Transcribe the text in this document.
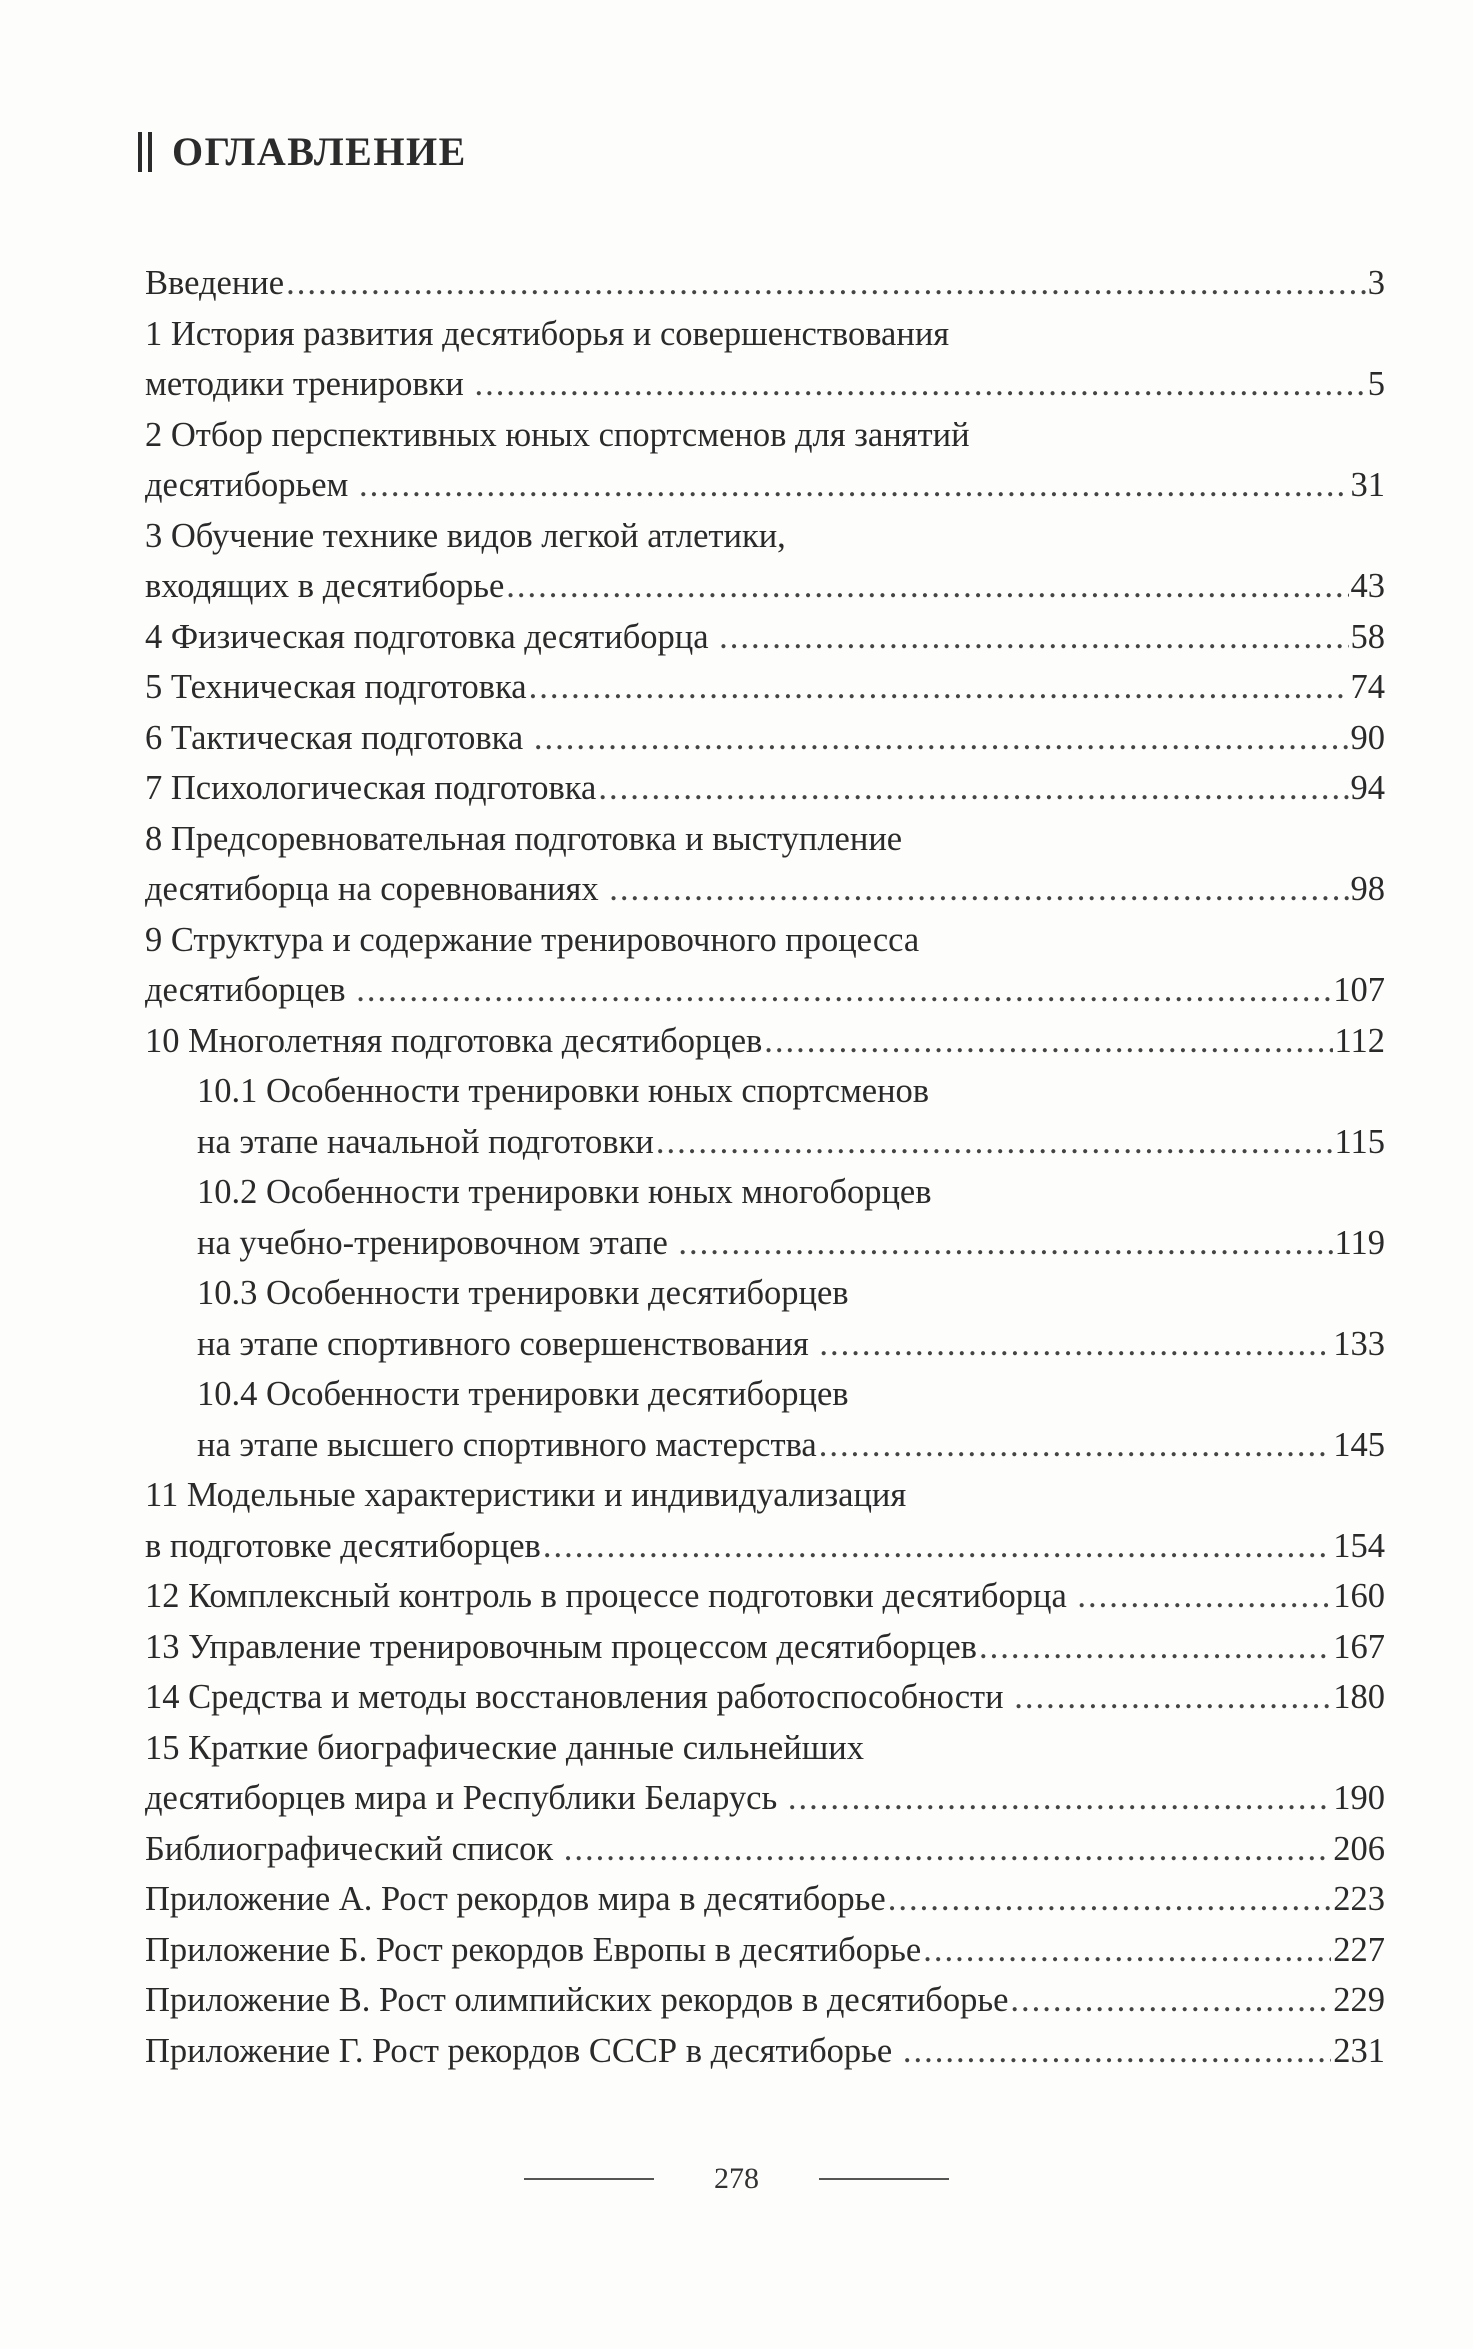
ОГЛАВЛЕНИЕ
Введение .....	3
1 История развития десятиборья и совершенствования
методики тренировки .....	5
2 Отбор перспективных юных спортсменов для занятий
десятиборьем .....	31
3 Обучение технике видов легкой атлетики,
входящих в десятиборье .....	43
4 Физическая подготовка десятиборца .....	58
5 Техническая подготовка .....	74
6 Тактическая подготовка .....	90
7 Психологическая подготовка .....	94
8 Предсоревновательная подготовка и выступление
десятиборца на соревнованиях .....	98
9 Структура и содержание тренировочного процесса
десятиборцев .....	107
10 Многолетняя подготовка десятиборцев .....	112
10.1 Особенности тренировки юных спортсменов
на этапе начальной подготовки .....	115
10.2 Особенности тренировки юных многоборцев
на учебно-тренировочном этапе .....	119
10.3 Особенности тренировки десятиборцев
на этапе спортивного совершенствования .....	133
10.4 Особенности тренировки десятиборцев
на этапе высшего спортивного мастерства .....	145
11 Модельные характеристики и индивидуализация
в подготовке десятиборцев .....	154
12 Комплексный контроль в процессе подготовки десятиборца .....	160
13 Управление тренировочным процессом десятиборцев .....	167
14 Средства и методы восстановления работоспособности .....	180
15 Краткие биографические данные сильнейших
десятиборцев мира и Республики Беларусь .....	190
Библиографический список .....	206
Приложение А. Рост рекордов мира в десятиборье .....	223
Приложение Б. Рост рекордов Европы в десятиборье .....	227
Приложение В. Рост олимпийских рекордов в десятиборье .....	229
Приложение Г. Рост рекордов СССР в десятиборье .....	231
278
